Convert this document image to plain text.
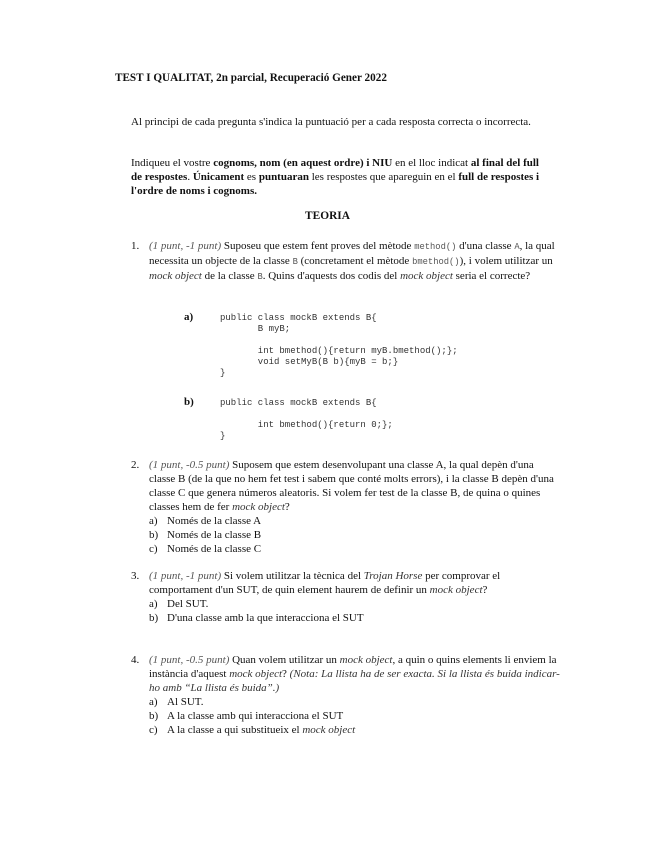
TEST I QUALITAT, 2n parcial, Recuperació Gener 2022
Al principi de cada pregunta s'indica la puntuació per a cada resposta correcta o incorrecta.
Indiqueu el vostre cognoms, nom (en aquest ordre) i NIU en el lloc indicat al final del full de respostes. Únicament es puntuaran les respostes que apareguin en el full de respostes i l'ordre de noms i cognoms.
TEORIA
1. (1 punt, -1 punt) Suposeu que estem fent proves del mètode method() d'una classe A, la qual necessita un objecte de la classe B (concretament el mètode bmethod()), i volem utilitzar un mock object de la classe B. Quins d'aquests dos codis del mock object seria el correcte?
a)	public class mockB extends B{
B myB;

int bmethod(){return myB.bmethod();};
void setMyB(B b){myB = b;}
}
b)	public class mockB extends B{

int bmethod(){return 0;};
}
2. (1 punt, -0.5 punt) Suposem que estem desenvolupant una classe A, la qual depèn d'una classe B (de la que no hem fet test i sabem que conté molts errors), i la classe B depèn d'una classe C que genera números aleatoris. Si volem fer test de la classe B, de quina o quines classes hem de fer mock object?
a) Només de la classe A
b) Només de la classe B
c) Només de la classe C
3. (1 punt, -1 punt) Si volem utilitzar la tècnica del Trojan Horse per comprovar el comportament d'un SUT, de quin element haurem de definir un mock object?
a) Del SUT.
b) D'una classe amb la que interacciona el SUT
4. (1 punt, -0.5 punt) Quan volem utilitzar un mock object, a quin o quins elements li enviem la instància d'aquest mock object? (Nota: La llista ha de ser exacta. Si la llista és buida indicar-ho amb “La llista és buida”.)
a) Al SUT.
b) A la classe amb qui interacciona el SUT
c) A la classe a qui substitueix el mock object
